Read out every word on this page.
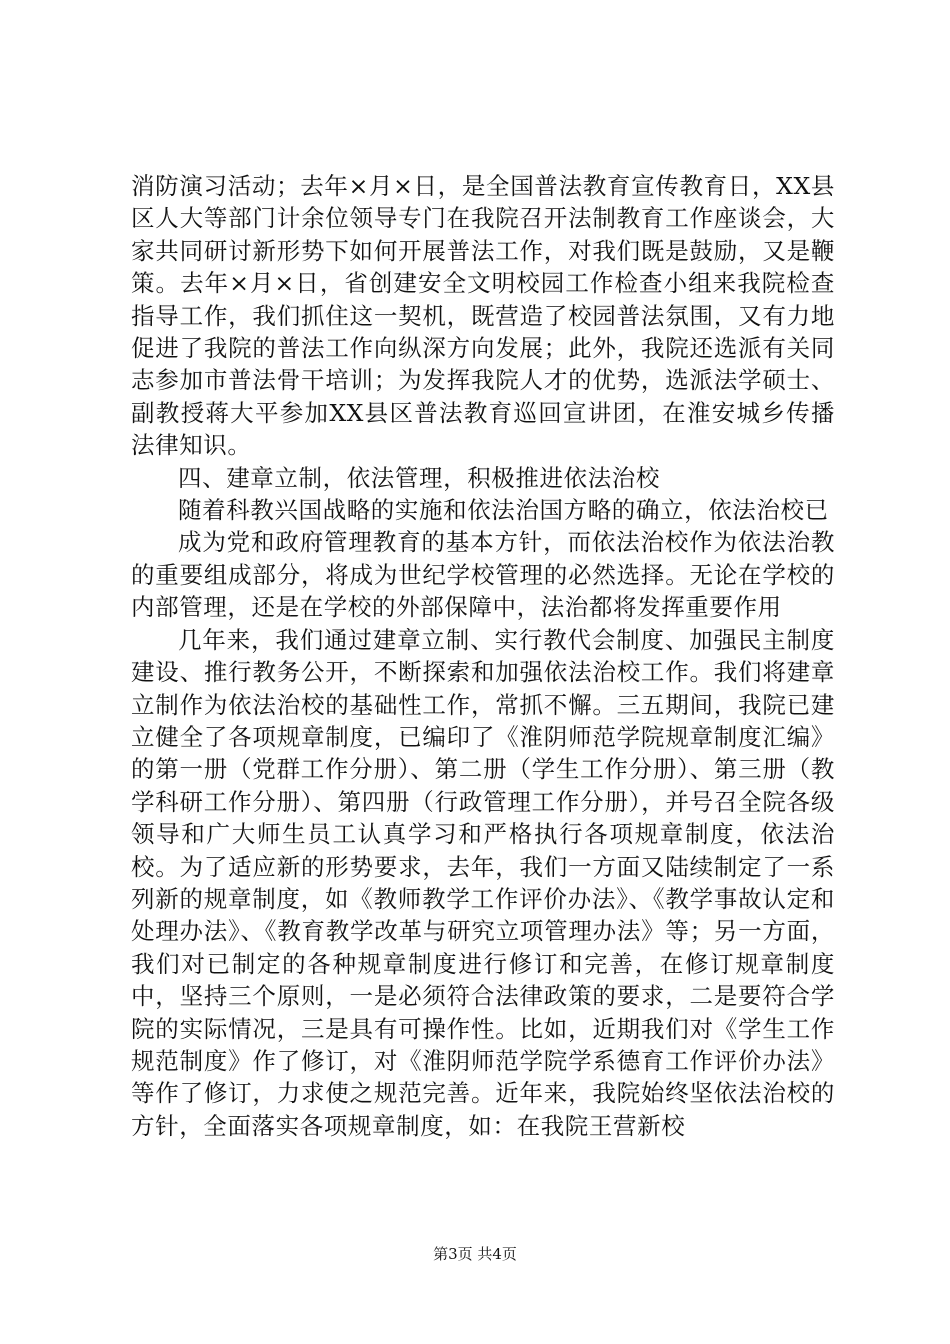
消防演习活动；去年×月×日，是全国普法教育宣传教育日，XX县区人大等部门计余位领导专门在我院召开法制教育工作座谈会，大家共同研讨新形势下如何开展普法工作，对我们既是鼓励，又是鞭策。去年×月×日，省创建安全文明校园工作检查小组来我院检查指导工作，我们抓住这一契机，既营造了校园普法氛围，又有力地促进了我院的普法工作向纵深方向发展；此外，我院还选派有关同志参加市普法骨干培训；为发挥我院人才的优势，选派法学硕士、副教授蒋大平参加XX县区普法教育巡回宣讲团，在淮安城乡传播法律知识。

四、建章立制，依法管理，积极推进依法治校

随着科教兴国战略的实施和依法治国方略的确立，依法治校已

成为党和政府管理教育的基本方针，而依法治校作为依法治教的重要组成部分，将成为世纪学校管理的必然选择。无论在学校的内部管理，还是在学校的外部保障中，法治都将发挥重要作用

几年来，我们通过建章立制、实行教代会制度、加强民主制度建设、推行教务公开，不断探索和加强依法治校工作。我们将建章立制作为依法治校的基础性工作，常抓不懈。三五期间，我院已建立健全了各项规章制度，已编印了《淮阴师范学院规章制度汇编》的第一册（党群工作分册）、第二册（学生工作分册）、第三册（教学科研工作分册）、第四册（行政管理工作分册），并号召全院各级领导和广大师生员工认真学习和严格执行各项规章制度，依法治校。为了适应新的形势要求，去年，我们一方面又陆续制定了一系列新的规章制度，如《教师教学工作评价办法》、《教学事故认定和处理办法》、《教育教学改革与研究立项管理办法》等；另一方面，我们对已制定的各种规章制度进行修订和完善，在修订规章制度中，坚持三个原则，一是必须符合法律政策的要求，二是要符合学院的实际情况，三是具有可操作性。比如，近期我们对《学生工作规范制度》作了修订，对《淮阴师范学院学系德育工作评价办法》等作了修订，力求使之规范完善。近年来，我院始终坚依法治校的方针，全面落实各项规章制度，如：在我院王营新校

第3页 共4页
